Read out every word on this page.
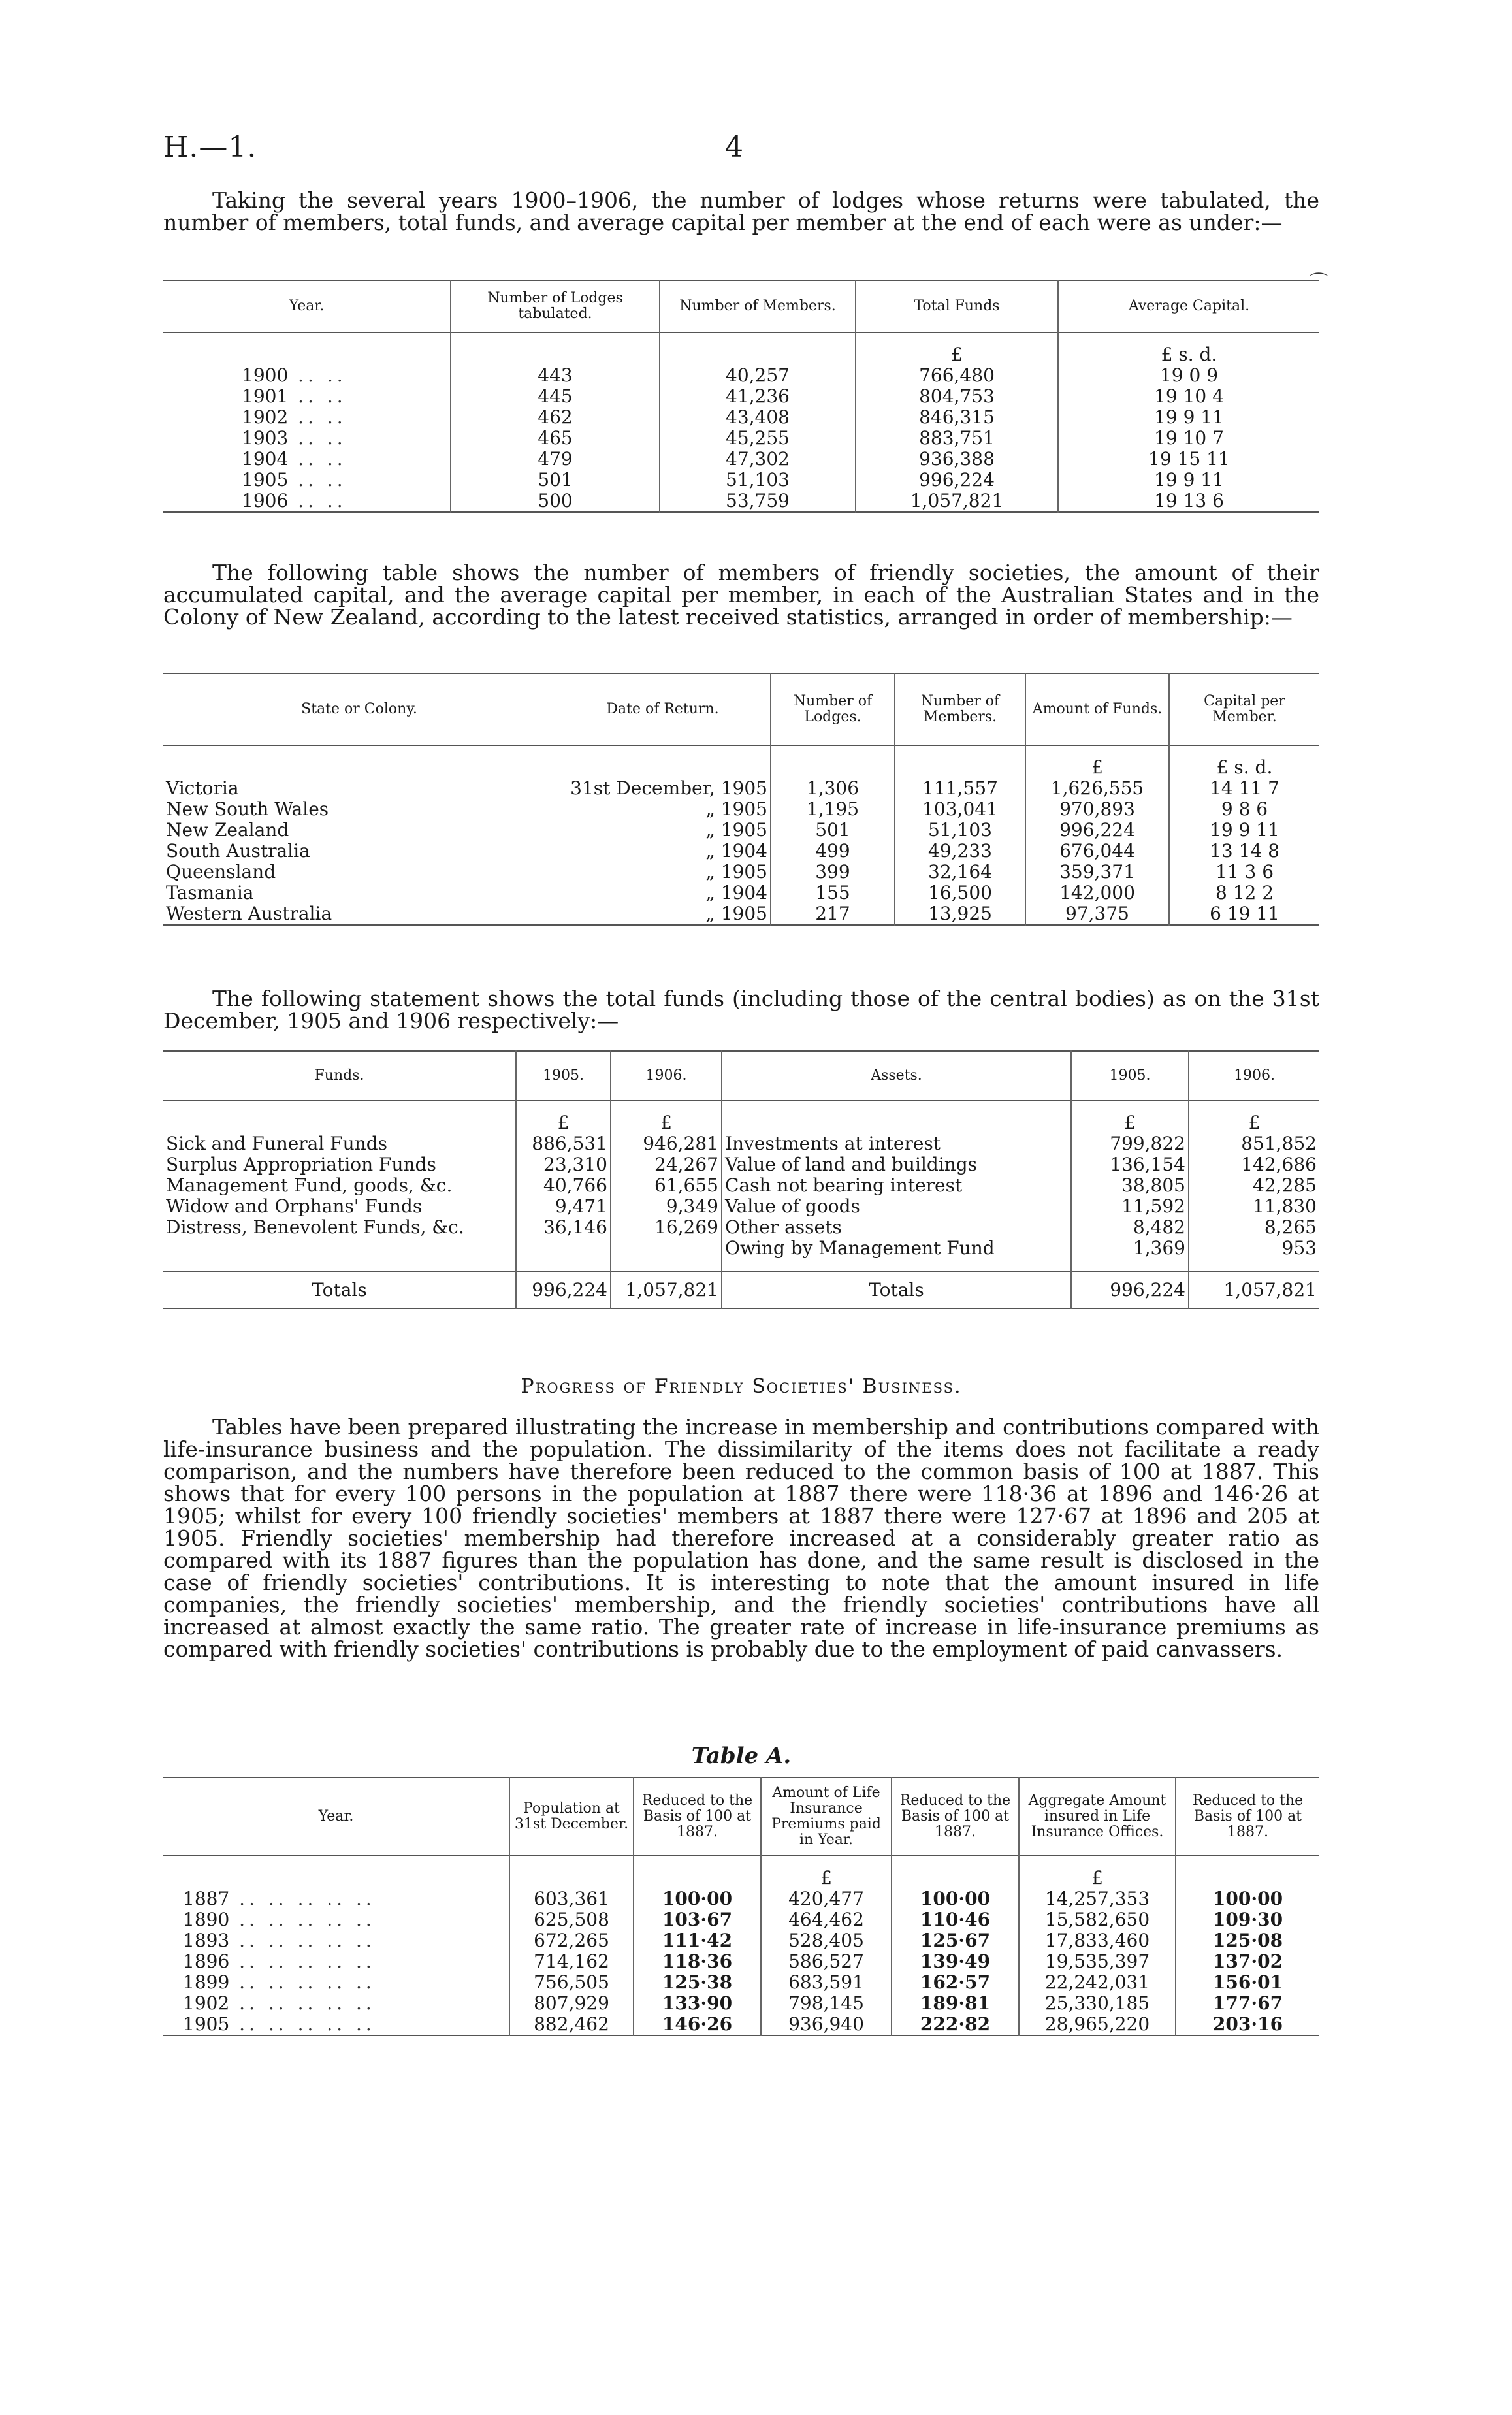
H.—1.	4

Taking the several years 1900–1906, the number of lodges whose returns were tabulated, the number of members, total funds, and average capital per member at the end of each were as under:—

Year.	Number of Lodges tabulated.	Number of Members.	Total Funds	Average Capital.
			£	£ s. d.
1900 .. ..	443	40,257	766,480	19 0 9
1901 .. ..	445	41,236	804,753	19 10 4
1902 .. ..	462	43,408	846,315	19 9 11
1903 .. ..	465	45,255	883,751	19 10 7
1904 .. ..	479	47,302	936,388	19 15 11
1905 .. ..	501	51,103	996,224	19 9 11
1906 .. ..	500	53,759	1,057,821	19 13 6

The following table shows the number of members of friendly societies, the amount of their accumulated capital, and the average capital per member, in each of the Australian States and in the Colony of New Zealand, according to the latest received statistics, arranged in order of membership:—

State or Colony.	Date of Return.	Number of Lodges.	Number of Members.	Amount of Funds.	Capital per Member.
				£	£ s. d.
Victoria	31st December, 1905	1,306	111,557	1,626,555	14 11 7
New South Wales	„ 1905	1,195	103,041	970,893	9 8 6
New Zealand	„ 1905	501	51,103	996,224	19 9 11
South Australia	„ 1904	499	49,233	676,044	13 14 8
Queensland	„ 1905	399	32,164	359,371	11 3 6
Tasmania	„ 1904	155	16,500	142,000	8 12 2
Western Australia	„ 1905	217	13,925	97,375	6 19 11

The following statement shows the total funds (including those of the central bodies) as on the 31st December, 1905 and 1906 respectively:—

Funds.	1905.	1906.	Assets.	1905.	1906.
	£	£		£	£
Sick and Funeral Funds	886,531	946,281	Investments at interest	799,822	851,852
Surplus Appropriation Funds	23,310	24,267	Value of land and buildings	136,154	142,686
Management Fund, goods, &c.	40,766	61,655	Cash not bearing interest	38,805	42,285
Widow and Orphans' Funds	9,471	9,349	Value of goods	11,592	11,830
Distress, Benevolent Funds, &c.	36,146	16,269	Other assets	8,482	8,265
			Owing by Management Fund	1,369	953

Totals	996,224	1,057,821	Totals	996,224	1,057,821
Progress of Friendly Societies' Business.

Tables have been prepared illustrating the increase in membership and contributions compared with life-insurance business and the population. The dissimilarity of the items does not facilitate a ready comparison, and the numbers have therefore been reduced to the common basis of 100 at 1887. This shows that for every 100 persons in the population at 1887 there were 118·36 at 1896 and 146·26 at 1905; whilst for every 100 friendly societies' members at 1887 there were 127·67 at 1896 and 205 at 1905. Friendly societies' membership had therefore increased at a considerably greater ratio as compared with its 1887 figures than the population has done, and the same result is disclosed in the case of friendly societies' contributions. It is interesting to note that the amount insured in life companies, the friendly societies' membership, and the friendly societies' contributions have all increased at almost exactly the same ratio. The greater rate of increase in life-insurance premiums as compared with friendly societies' contributions is probably due to the employment of paid canvassers.

Table A.
Year.	Population at 31st December.	Reduced to the Basis of 100 at 1887.	Amount of Life Insurance Premiums paid in Year.	Reduced to the Basis of 100 at 1887.	Aggregate Amount insured in Life Insurance Offices.	Reduced to the Basis of 100 at 1887.
			£		£	
1887 .. .. .. .. ..	603,361	100·00	420,477	100·00	14,257,353	100·00
1890 .. .. .. .. ..	625,508	103·67	464,462	110·46	15,582,650	109·30
1893 .. .. .. .. ..	672,265	111·42	528,405	125·67	17,833,460	125·08
1896 .. .. .. .. ..	714,162	118·36	586,527	139·49	19,535,397	137·02
1899 .. .. .. .. ..	756,505	125·38	683,591	162·57	22,242,031	156·01
1902 .. .. .. .. ..	807,929	133·90	798,145	189·81	25,330,185	177·67
1905 .. .. .. .. ..	882,462	146·26	936,940	222·82	28,965,220	203·16
⌒
